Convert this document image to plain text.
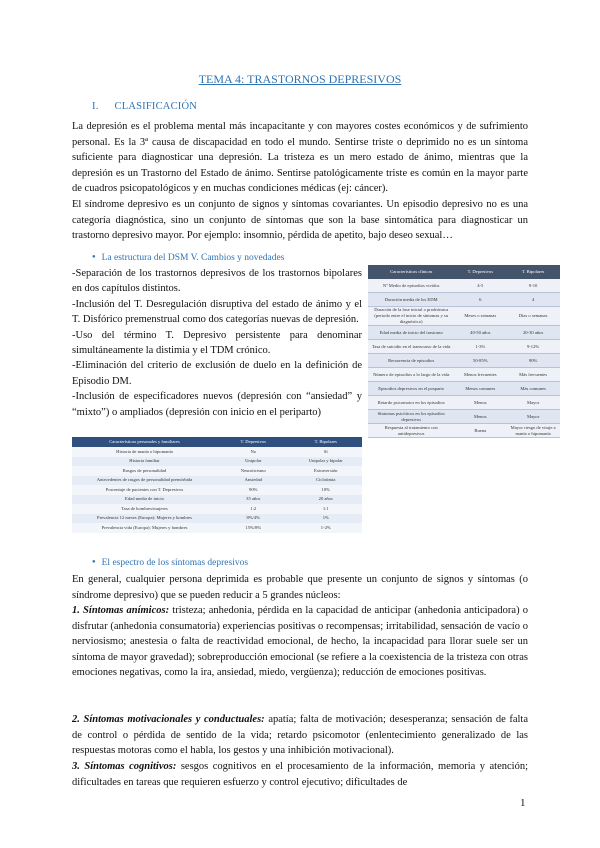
TEMA 4: TRASTORNOS DEPRESIVOS
I. CLASIFICACIÓN
La depresión es el problema mental más incapacitante y con mayores costes económicos y de sufrimiento personal. Es la 3ª causa de discapacidad en todo el mundo. Sentirse triste o deprimido no es un síntoma suficiente para diagnosticar una depresión. La tristeza es un mero estado de ánimo, mientras que la depresión es un Trastorno del Estado de ánimo. Sentirse patológicamente triste es común en la mayor parte de cuadros psicopatológicos y en muchas condiciones médicas (ej: cáncer).
El síndrome depresivo es un conjunto de signos y síntomas covariantes. Un episodio depresivo no es una categoría diagnóstica, sino un conjunto de síntomas que son la base sintomática para diagnosticar un trastorno depresivo mayor. Por ejemplo: insomnio, pérdida de apetito, bajo deseo sexual…
● La estructura del DSM V. Cambios y novedades
-Separación de los trastornos depresivos de los trastornos bipolares en dos capítulos distintos.
-Inclusión del T. Desregulación disruptiva del estado de ánimo y el T. Disfórico premenstrual como dos categorías nuevas de depresión.
-Uso del término T. Depresivo persistente para denominar simultáneamente la distimia y el TDM crónico.
-Eliminación del criterio de exclusión de duelo en la definición de Episodio DM.
-Inclusión de especificadores nuevos (depresión con “ansiedad” y “mixto”) o ampliados (depresión con inicio en el periparto)
Características clínicas	T. Depresivos	T. Bipolares
Nº Medio de episodios vividos	4-5	9-10
Duración media de los EDM	6	4
Duración de la fase inicial o prodrómica (periodo entre el inicio de síntomas y su diagnóstico)	Meses o semanas	Días o semanas
Edad media de inicio del trastorno	40-50 años	20-30 años
Tasa de suicidio en el transcurso de la vida	1-3%	9-12%
Recurrencia de episodios	50-85%	90%
Número de episodios a lo largo de la vida	Menos frecuentes	Más frecuentes
Episodios depresivos en el posparto	Menos comunes	Más comunes
Retardo psicomotor en los episodios	Menos	Mayor
Síntomas psicóticos en los episodios depresivos	Menos	Mayor
Respuesta al tratamiento con antidepresivos	Buena	Mayor riesgo de viraje a manía o hipomanía
Características personales y familiares	T. Depresivos	T. Bipolares
Historia de manía o hipomanía	No	Sí
Historia familiar	Unipolar	Unipolar y bipolar
Rasgos de personalidad	Neuroticismo	Extraversión
Antecedentes de rasgos de personalidad premórbida	Ansiedad	Ciclotimia
Porcentaje de pacientes con T. Depresivos	90%	10%
Edad media de inicio	35 años	20 años
Tasa de hombres/mujeres	1:2	1:1
Prevalencia 12 meses (Europa): Mujeres y hombres	8%/4%	1%
Prevalencia vida (Europa): Mujeres y hombres	15%/8%	1-2%
● El espectro de los síntomas depresivos
En general, cualquier persona deprimida es probable que presente un conjunto de signos y síntomas (o síndrome depresivo) que se pueden reducir a 5 grandes núcleos:
1. Síntomas anímicos: tristeza; anhedonia, pérdida en la capacidad de anticipar (anhedonia anticipadora) o disfrutar (anhedonia consumatoria) experiencias positivas o recompensas; irritabilidad, sensación de vacío o nerviosismo; anestesia o falta de reactividad emocional, de hecho, la incapacidad para llorar suele ser un síntoma de mayor gravedad); sobreproducción emocional (se refiere a la coexistencia de la tristeza con otras emociones negativas, como la ira, ansiedad, miedo, vergüenza); reducción de emociones positivas.
2. Síntomas motivacionales y conductuales: apatía; falta de motivación; desesperanza; sensación de falta de control o pérdida de sentido de la vida; retardo psicomotor (enlentecimiento generalizado de las respuestas motoras como el habla, los gestos y una inhibición motivacional).
3. Síntomas cognitivos: sesgos cognitivos en el procesamiento de la información, memoria y atención; dificultades en tareas que requieren esfuerzo y control ejecutivo; dificultades de
1
